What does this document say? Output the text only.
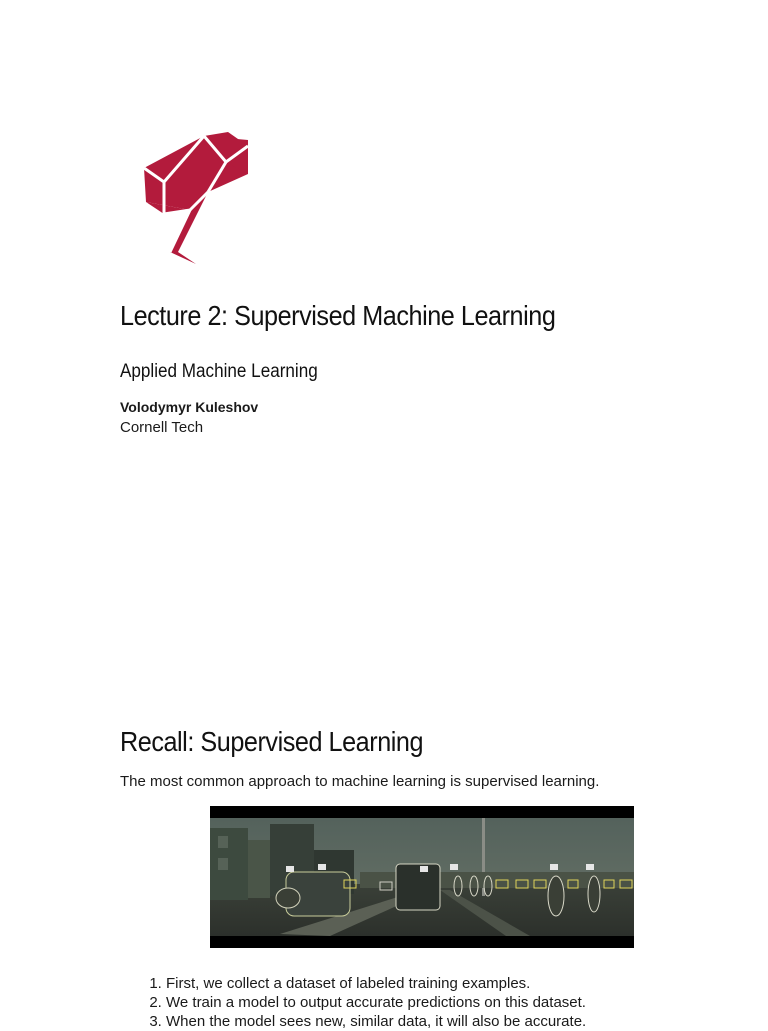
Lecture 2: Supervised Machine Learning
Applied Machine Learning
Volodymyr Kuleshov
Cornell Tech
Recall: Supervised Learning
The most common approach to machine learning is supervised learning.
1. First, we collect a dataset of labeled training examples.
2. We train a model to output accurate predictions on this dataset.
3. When the model sees new, similar data, it will also be accurate.
